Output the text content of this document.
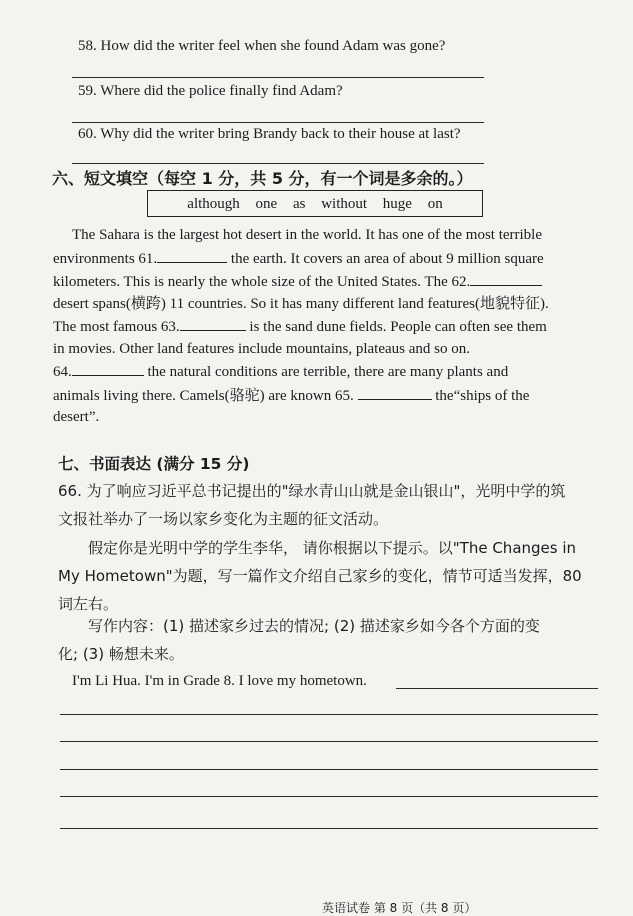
58. How did the writer feel when she found Adam was gone?
59. Where did the police finally find Adam?
60. Why did the writer bring Brandy back to their house at last?
六、短文填空（每空 1 分，共 5 分，有一个词是多余的。）
although one as without huge on
The Sahara is the largest hot desert in the world. It has one of the most terrible
environments 61.	the earth. It covers an area of about 9 million square
kilometers. This is nearly the whole size of the United States. The 62.
desert spans(横跨) 11 countries. So it has many different land features(地貌特征).
The most famous 63.	is the sand dune fields. People can often see them
in movies. Other land features include mountains, plateaus and so on.
64.	the natural conditions are terrible, there are many plants and
animals living there. Camels(骆驼) are known 65.	the“ships of the
desert”.
七、书面表达 (满分 15 分)
66. 为了响应习近平总书记提出的"绿水青山山就是金山银山"，光明中学的筑
文报社举办了一场以家乡变化为主题的征文活动。
假定你是光明中学的学生李华， 请你根据以下提示。以"The Changes in
My Hometown"为题，写一篇作文介绍自己家乡的变化，情节可适当发挥，80
词左右。
写作内容：(1) 描述家乡过去的情况; (2) 描述家乡如今各个方面的变
化; (3) 畅想未来。
I'm Li Hua. I'm in Grade 8. I love my hometown.
英语试卷 第 8 页（共 8 页）
